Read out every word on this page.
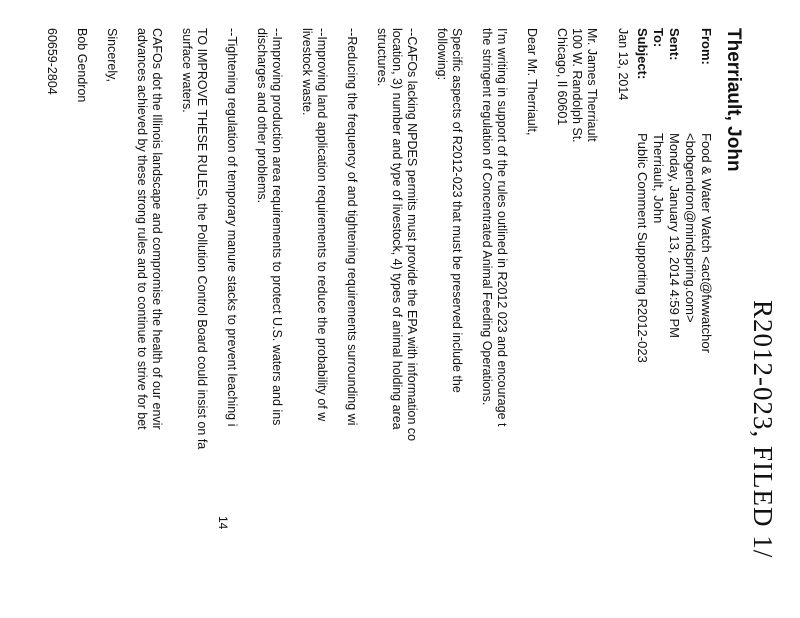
R2012-023, FILED 1/
Therriault, John
From:
Food & Water Watch <act@fwwatchor
<bobgendron@mindspring.com>
Sent:
Monday, January 13, 2014 4:59 PM
To:
Therriault, John
Subject:
Public Comment Supporting R2012-023

Jan 13, 2014

Mr. James Therriault

100 W. Randolph St.

Chicago, Il 60601

Dear Mr. Therriault,

I'm writing in support of the rules outlined in R2012 023 and encourage t

the stringent regulation of Concentrated Animal Feeding Operations.

Specific aspects of R2012-023 that must be preserved include the

following:

--CAFOs lacking NPDES permits must provide the EPA with information co

location, 3) number and type of livestock, 4) types of animal holding area

structures.

--Reducing the frequency of and tightening requirements surrounding wi

--Improving land application requirements to reduce the probability of w

livestock waste.

--Improving production area requirements to protect U.S. waters and ins

discharges and other problems.

--Tightening regulation of temporary manure stacks to prevent leaching i

TO IMPROVE THESE RULES, the Pollution Control Board could insist on fa

surface waters.

CAFOs dot the Illinois landscape and compromise the health of our envir

advances achieved by these strong rules and to continue to strive for bet

Sincerely,

Bob Gendron

60659-2804

14
